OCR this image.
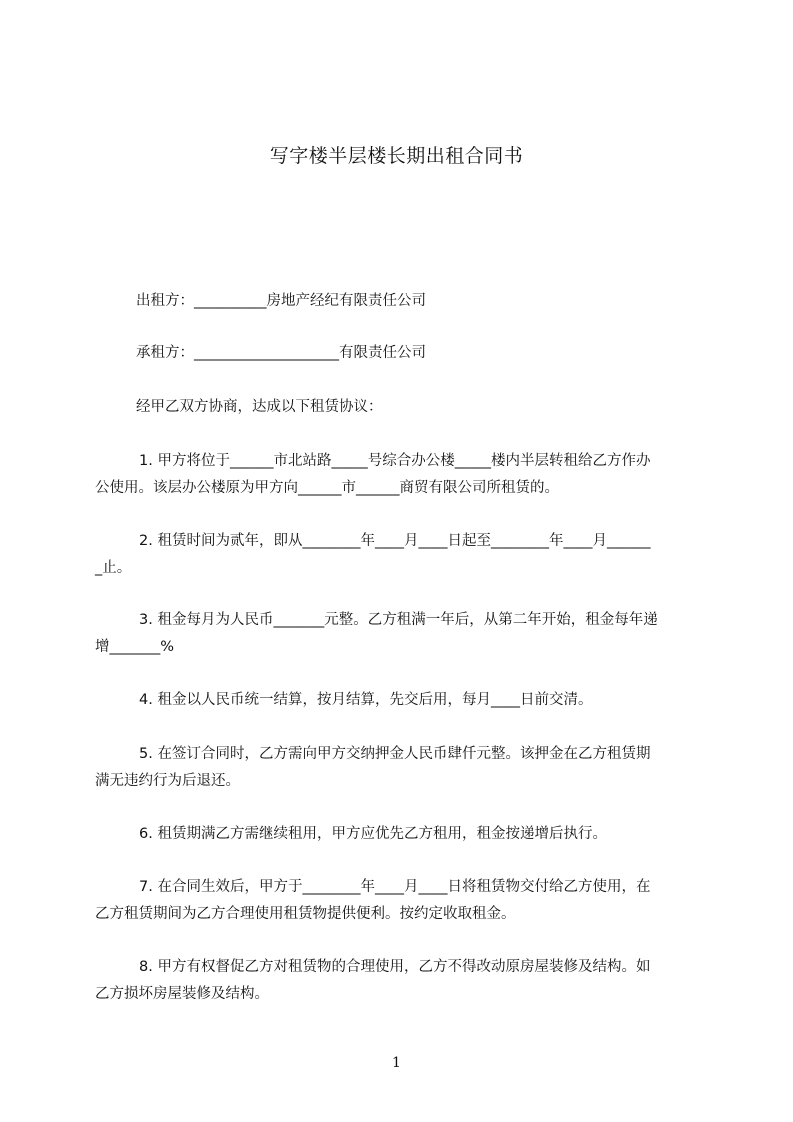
写字楼半层楼长期出租合同书

出租方：__________房地产经纪有限责任公司

承租方：____________________有限责任公司

经甲乙双方协商，达成以下租赁协议：

1. 甲方将位于______市北站路_____号综合办公楼_____楼内半层转租给乙方作办

公使用。该层办公楼原为甲方向______市______商贸有限公司所租赁的。

2. 租赁时间为贰年，即从________年____月____日起至________年____月______

_止。

3. 租金每月为人民币_______元整。乙方租满一年后，从第二年开始，租金每年递

增_______%

4. 租金以人民币统一结算，按月结算，先交后用，每月____日前交清。

5. 在签订合同时，乙方需向甲方交纳押金人民币肆仟元整。该押金在乙方租赁期

满无违约行为后退还。

6. 租赁期满乙方需继续租用，甲方应优先乙方租用，租金按递增后执行。

7. 在合同生效后，甲方于________年____月____日将租赁物交付给乙方使用，在

乙方租赁期间为乙方合理使用租赁物提供便利。按约定收取租金。

8. 甲方有权督促乙方对租赁物的合理使用，乙方不得改动原房屋装修及结构。如

乙方损坏房屋装修及结构。

1
